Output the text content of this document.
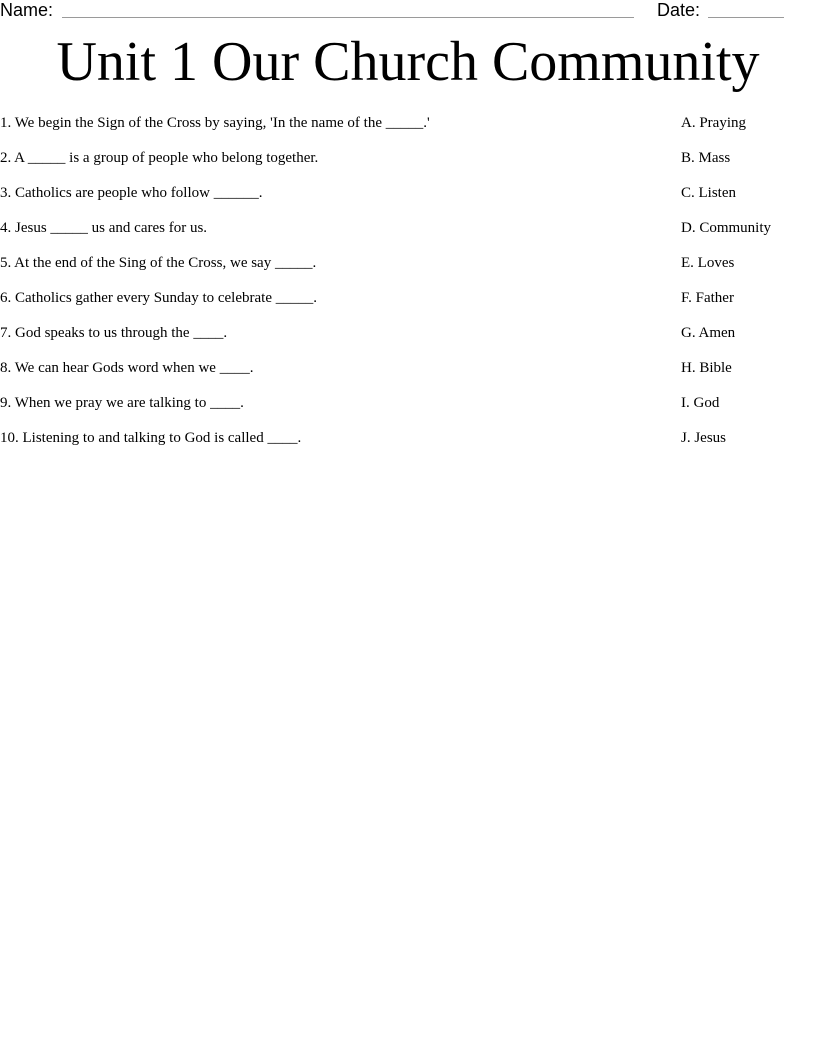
Name:	Date:
Unit 1 Our Church Community
1. We begin the Sign of the Cross by saying, 'In the name of the _____.'
2. A _____ is a group of people who belong together.
3. Catholics are people who follow ______.
4. Jesus _____ us and cares for us.
5. At the end of the Sing of the Cross, we say _____.
6. Catholics gather every Sunday to celebrate _____.
7. God speaks to us through the ____.
8. We can hear Gods word when we ____.
9. When we pray we are talking to ____.
10. Listening to and talking to God is called ____.
A. Praying
B. Mass
C. Listen
D. Community
E. Loves
F. Father
G. Amen
H. Bible
I. God
J. Jesus
